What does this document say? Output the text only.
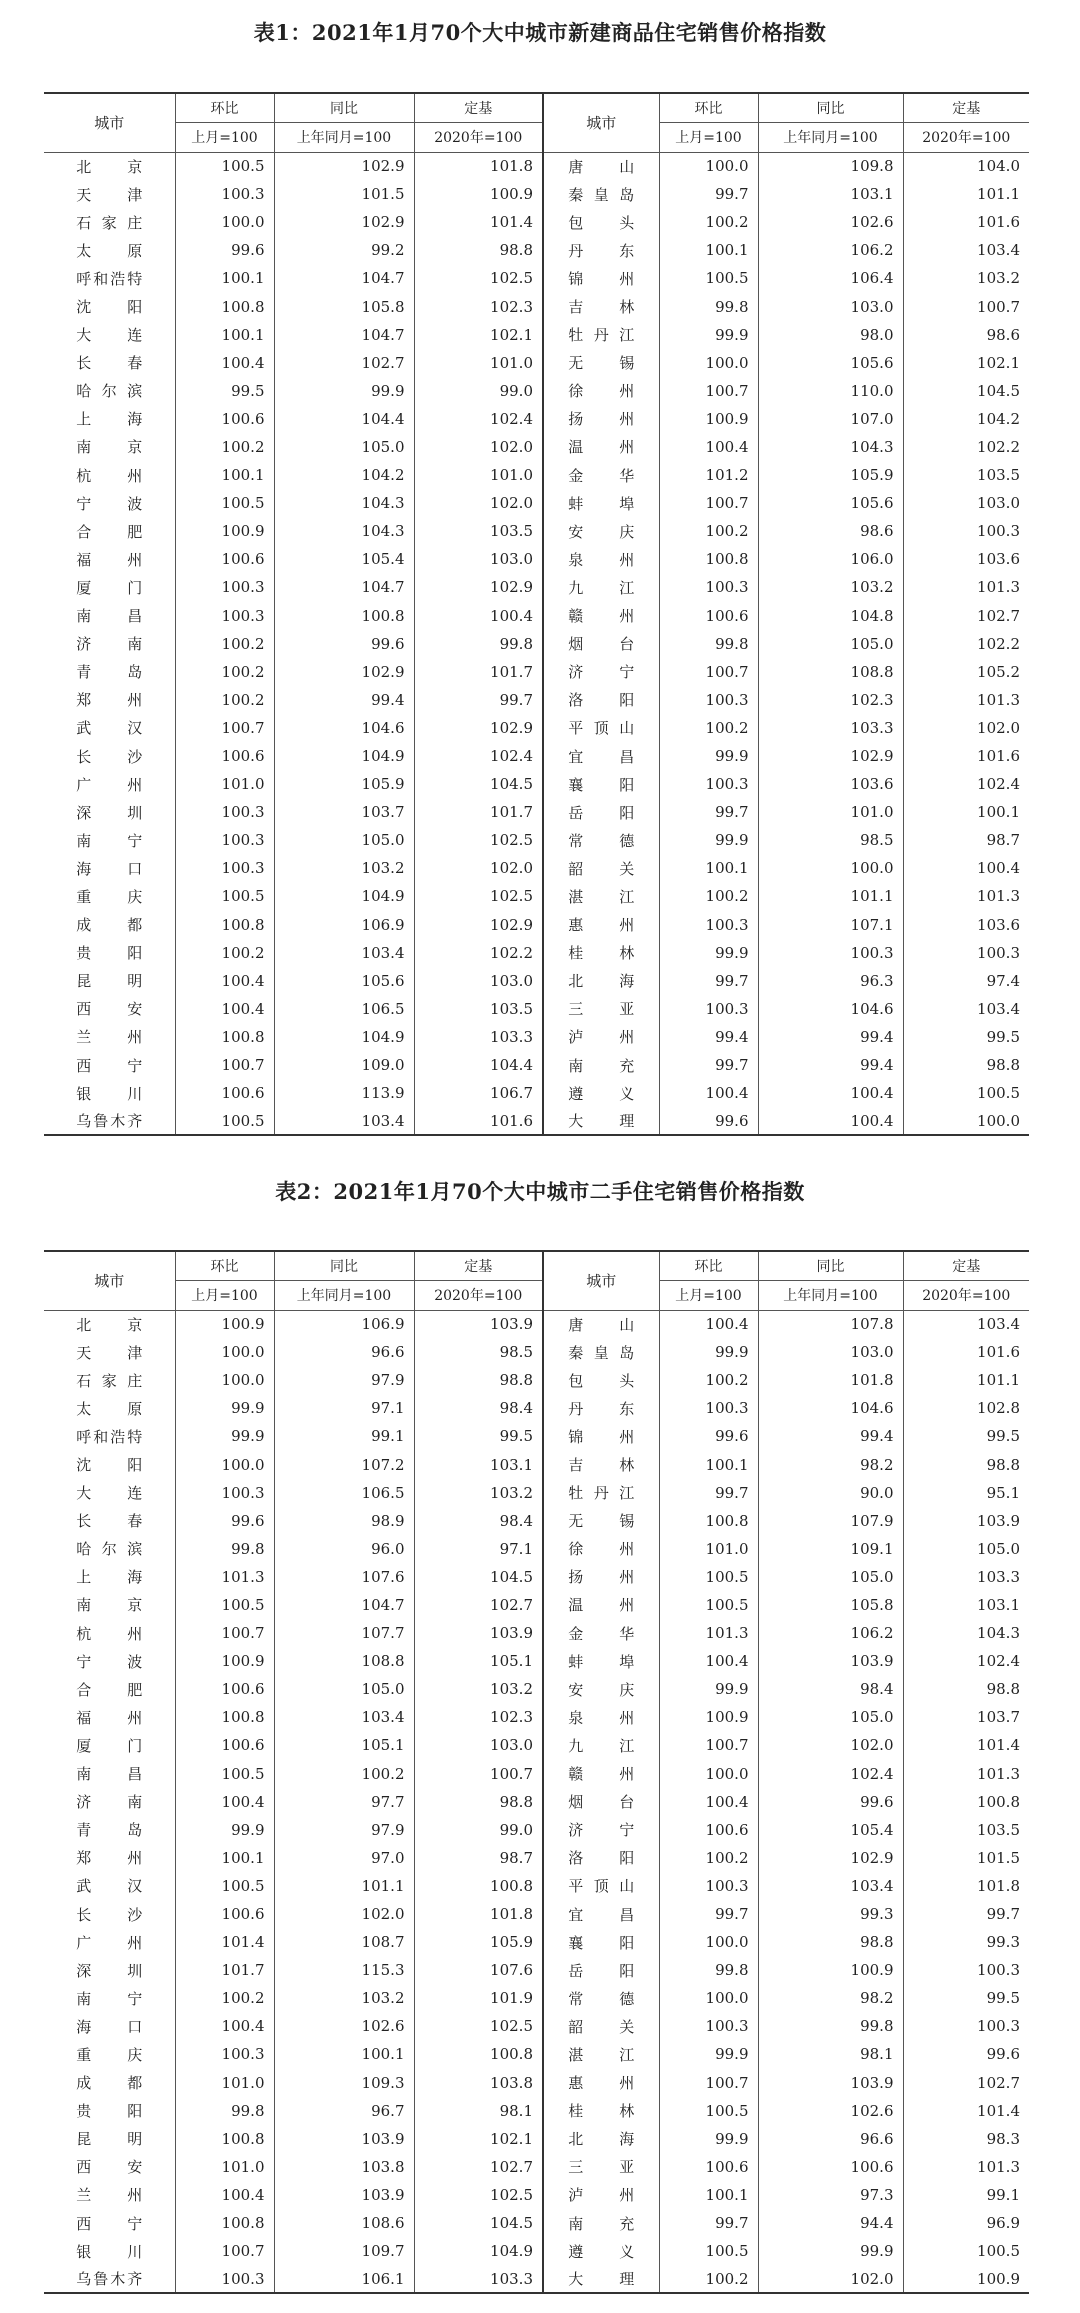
表1：2021年1月70个大中城市新建商品住宅销售价格指数
城市	环比	同比	定基	城市	环比	同比	定基
	上月=100	上年同月=100	2020年=100		上月=100	上年同月=100	2020年=100
北京	100.5	102.9	101.8	唐山	100.0	109.8	104.0
天津	100.3	101.5	100.9	秦皇岛	99.7	103.1	101.1
石家庄	100.0	102.9	101.4	包头	100.2	102.6	101.6
太原	99.6	99.2	98.8	丹东	100.1	106.2	103.4
呼和浩特	100.1	104.7	102.5	锦州	100.5	106.4	103.2
沈阳	100.8	105.8	102.3	吉林	99.8	103.0	100.7
大连	100.1	104.7	102.1	牡丹江	99.9	98.0	98.6
长春	100.4	102.7	101.0	无锡	100.0	105.6	102.1
哈尔滨	99.5	99.9	99.0	徐州	100.7	110.0	104.5
上海	100.6	104.4	102.4	扬州	100.9	107.0	104.2
南京	100.2	105.0	102.0	温州	100.4	104.3	102.2
杭州	100.1	104.2	101.0	金华	101.2	105.9	103.5
宁波	100.5	104.3	102.0	蚌埠	100.7	105.6	103.0
合肥	100.9	104.3	103.5	安庆	100.2	98.6	100.3
福州	100.6	105.4	103.0	泉州	100.8	106.0	103.6
厦门	100.3	104.7	102.9	九江	100.3	103.2	101.3
南昌	100.3	100.8	100.4	赣州	100.6	104.8	102.7
济南	100.2	99.6	99.8	烟台	99.8	105.0	102.2
青岛	100.2	102.9	101.7	济宁	100.7	108.8	105.2
郑州	100.2	99.4	99.7	洛阳	100.3	102.3	101.3
武汉	100.7	104.6	102.9	平顶山	100.2	103.3	102.0
长沙	100.6	104.9	102.4	宜昌	99.9	102.9	101.6
广州	101.0	105.9	104.5	襄阳	100.3	103.6	102.4
深圳	100.3	103.7	101.7	岳阳	99.7	101.0	100.1
南宁	100.3	105.0	102.5	常德	99.9	98.5	98.7
海口	100.3	103.2	102.0	韶关	100.1	100.0	100.4
重庆	100.5	104.9	102.5	湛江	100.2	101.1	101.3
成都	100.8	106.9	102.9	惠州	100.3	107.1	103.6
贵阳	100.2	103.4	102.2	桂林	99.9	100.3	100.3
昆明	100.4	105.6	103.0	北海	99.7	96.3	97.4
西安	100.4	106.5	103.5	三亚	100.3	104.6	103.4
兰州	100.8	104.9	103.3	泸州	99.4	99.4	99.5
西宁	100.7	109.0	104.4	南充	99.7	99.4	98.8
银川	100.6	113.9	106.7	遵义	100.4	100.4	100.5
乌鲁木齐	100.5	103.4	101.6	大理	99.6	100.4	100.0
表2：2021年1月70个大中城市二手住宅销售价格指数
城市	环比	同比	定基	城市	环比	同比	定基
	上月=100	上年同月=100	2020年=100		上月=100	上年同月=100	2020年=100
北京	100.9	106.9	103.9	唐山	100.4	107.8	103.4
天津	100.0	96.6	98.5	秦皇岛	99.9	103.0	101.6
石家庄	100.0	97.9	98.8	包头	100.2	101.8	101.1
太原	99.9	97.1	98.4	丹东	100.3	104.6	102.8
呼和浩特	99.9	99.1	99.5	锦州	99.6	99.4	99.5
沈阳	100.0	107.2	103.1	吉林	100.1	98.2	98.8
大连	100.3	106.5	103.2	牡丹江	99.7	90.0	95.1
长春	99.6	98.9	98.4	无锡	100.8	107.9	103.9
哈尔滨	99.8	96.0	97.1	徐州	101.0	109.1	105.0
上海	101.3	107.6	104.5	扬州	100.5	105.0	103.3
南京	100.5	104.7	102.7	温州	100.5	105.8	103.1
杭州	100.7	107.7	103.9	金华	101.3	106.2	104.3
宁波	100.9	108.8	105.1	蚌埠	100.4	103.9	102.4
合肥	100.6	105.0	103.2	安庆	99.9	98.4	98.8
福州	100.8	103.4	102.3	泉州	100.9	105.0	103.7
厦门	100.6	105.1	103.0	九江	100.7	102.0	101.4
南昌	100.5	100.2	100.7	赣州	100.0	102.4	101.3
济南	100.4	97.7	98.8	烟台	100.4	99.6	100.8
青岛	99.9	97.9	99.0	济宁	100.6	105.4	103.5
郑州	100.1	97.0	98.7	洛阳	100.2	102.9	101.5
武汉	100.5	101.1	100.8	平顶山	100.3	103.4	101.8
长沙	100.6	102.0	101.8	宜昌	99.7	99.3	99.7
广州	101.4	108.7	105.9	襄阳	100.0	98.8	99.3
深圳	101.7	115.3	107.6	岳阳	99.8	100.9	100.3
南宁	100.2	103.2	101.9	常德	100.0	98.2	99.5
海口	100.4	102.6	102.5	韶关	100.3	99.8	100.3
重庆	100.3	100.1	100.8	湛江	99.9	98.1	99.6
成都	101.0	109.3	103.8	惠州	100.7	103.9	102.7
贵阳	99.8	96.7	98.1	桂林	100.5	102.6	101.4
昆明	100.8	103.9	102.1	北海	99.9	96.6	98.3
西安	101.0	103.8	102.7	三亚	100.6	100.6	101.3
兰州	100.4	103.9	102.5	泸州	100.1	97.3	99.1
西宁	100.8	108.6	104.5	南充	99.7	94.4	96.9
银川	100.7	109.7	104.9	遵义	100.5	99.9	100.5
乌鲁木齐	100.3	106.1	103.3	大理	100.2	102.0	100.9
